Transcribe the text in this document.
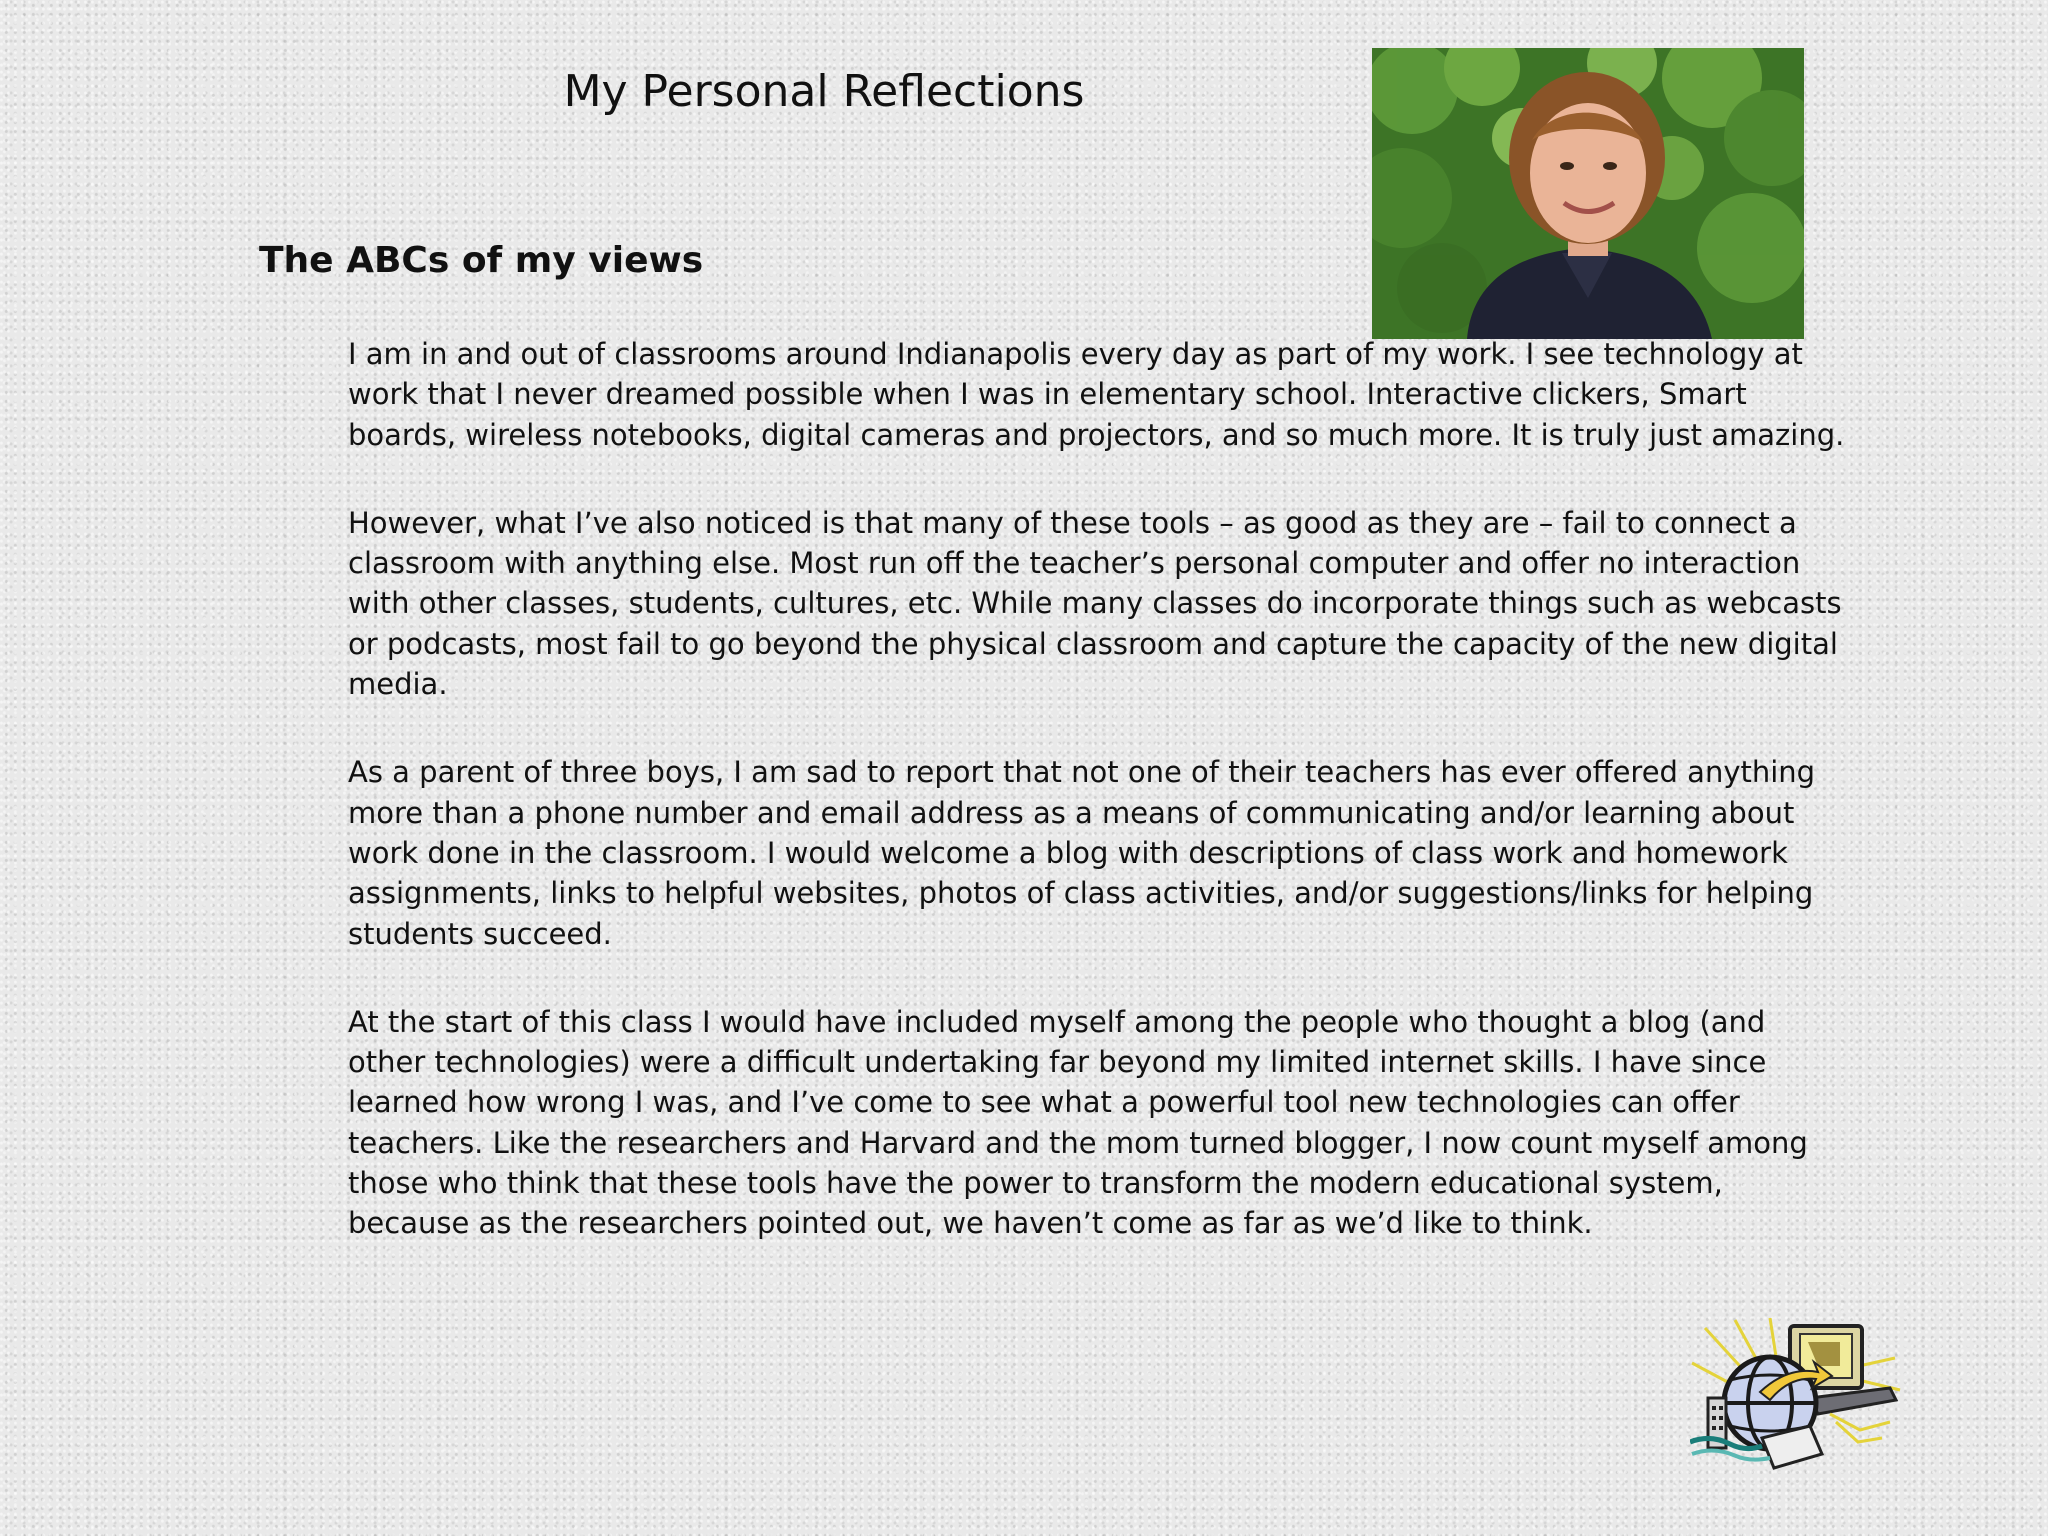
My Personal Reflections
The ABCs of my views

I am in and out of classrooms around Indianapolis every day as part of my work. I see technology at work that I never dreamed possible when I was in elementary school. Interactive clickers, Smart boards, wireless notebooks, digital cameras and projectors, and so much more. It is truly just amazing.

However, what I’ve also noticed is that many of these tools – as good as they are – fail to connect a classroom with anything else. Most run off the teacher’s personal computer and offer no interaction with other classes, students, cultures, etc. While many classes do incorporate things such as webcasts or podcasts, most fail to go beyond the physical classroom and capture the capacity of the new digital media.

As a parent of three boys, I am sad to report that not one of their teachers has ever offered anything more than a phone number and email address as a means of communicating and/or learning about work done in the classroom. I would welcome a blog with descriptions of class work and homework assignments, links to helpful websites, photos of class activities, and/or suggestions/links for helping students succeed.

At the start of this class I would have included myself among the people who thought a blog (and other technologies) were a difficult undertaking far beyond my limited internet skills. I have since learned how wrong I was, and I’ve come to see what a powerful tool new technologies can offer teachers. Like the researchers and Harvard and the mom turned blogger, I now count myself among those who think that these tools have the power to transform the modern educational system, because as the researchers pointed out, we haven’t come as far as we’d like to think.
